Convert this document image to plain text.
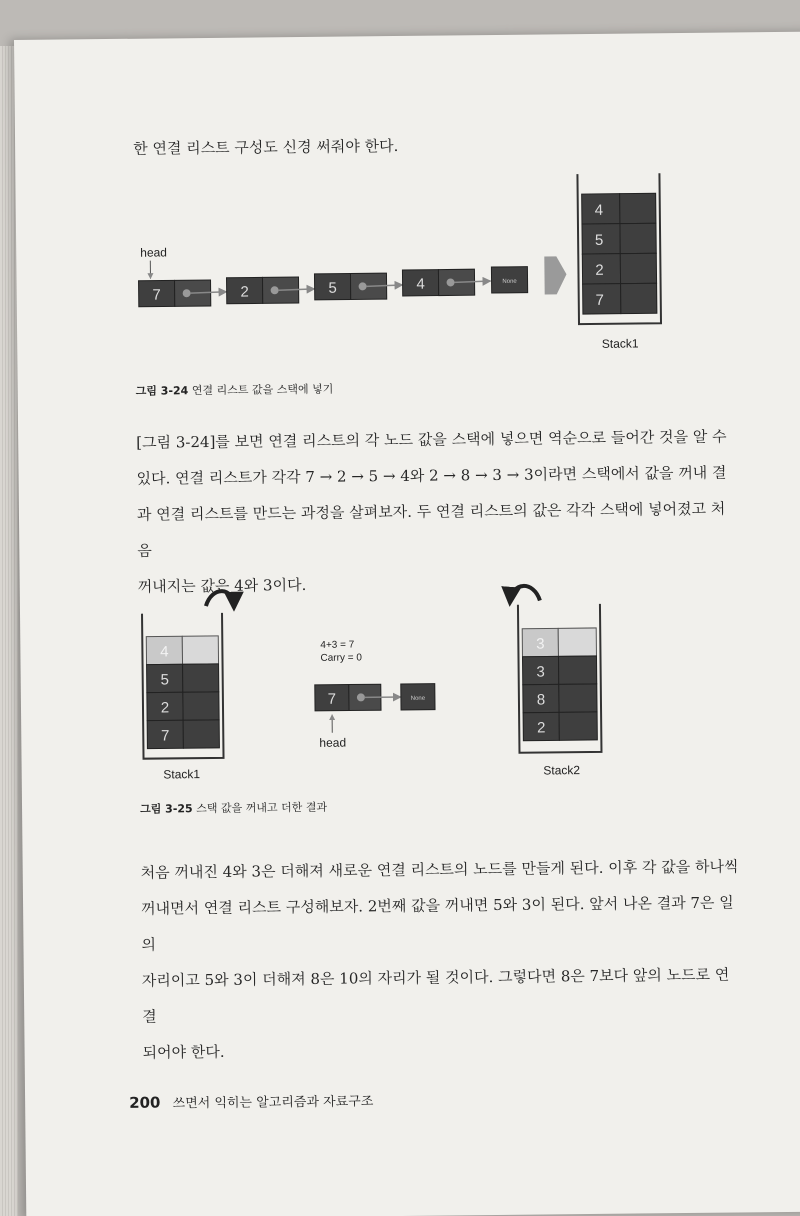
한 연결 리스트 구성도 신경 써줘야 한다.
head
7	2	5	4	None
4
5
2
7
Stack1
그림 3-24 연결 리스트 값을 스택에 넣기
[그림 3-24]를 보면 연결 리스트의 각 노드 값을 스택에 넣으면 역순으로 들어간 것을 알 수
있다. 연결 리스트가 각각 7 → 2 → 5 → 4와 2 → 8 → 3 → 3이라면 스택에서 값을 꺼내 결
과 연결 리스트를 만드는 과정을 살펴보자. 두 연결 리스트의 값은 각각 스택에 넣어졌고 처음
꺼내지는 값은 4와 3이다.
4
5
2
7
Stack1
4+3 = 7
Carry = 0
7	None
head
3
3
8
2
Stack2
그림 3-25 스택 값을 꺼내고 더한 결과
처음 꺼내진 4와 3은 더해져 새로운 연결 리스트의 노드를 만들게 된다. 이후 각 값을 하나씩
꺼내면서 연결 리스트 구성해보자. 2번째 값을 꺼내면 5와 3이 된다. 앞서 나온 결과 7은 일의
자리이고 5와 3이 더해져 8은 10의 자리가 될 것이다. 그렇다면 8은 7보다 앞의 노드로 연결
되어야 한다.
200 쓰면서 익히는 알고리즘과 자료구조
